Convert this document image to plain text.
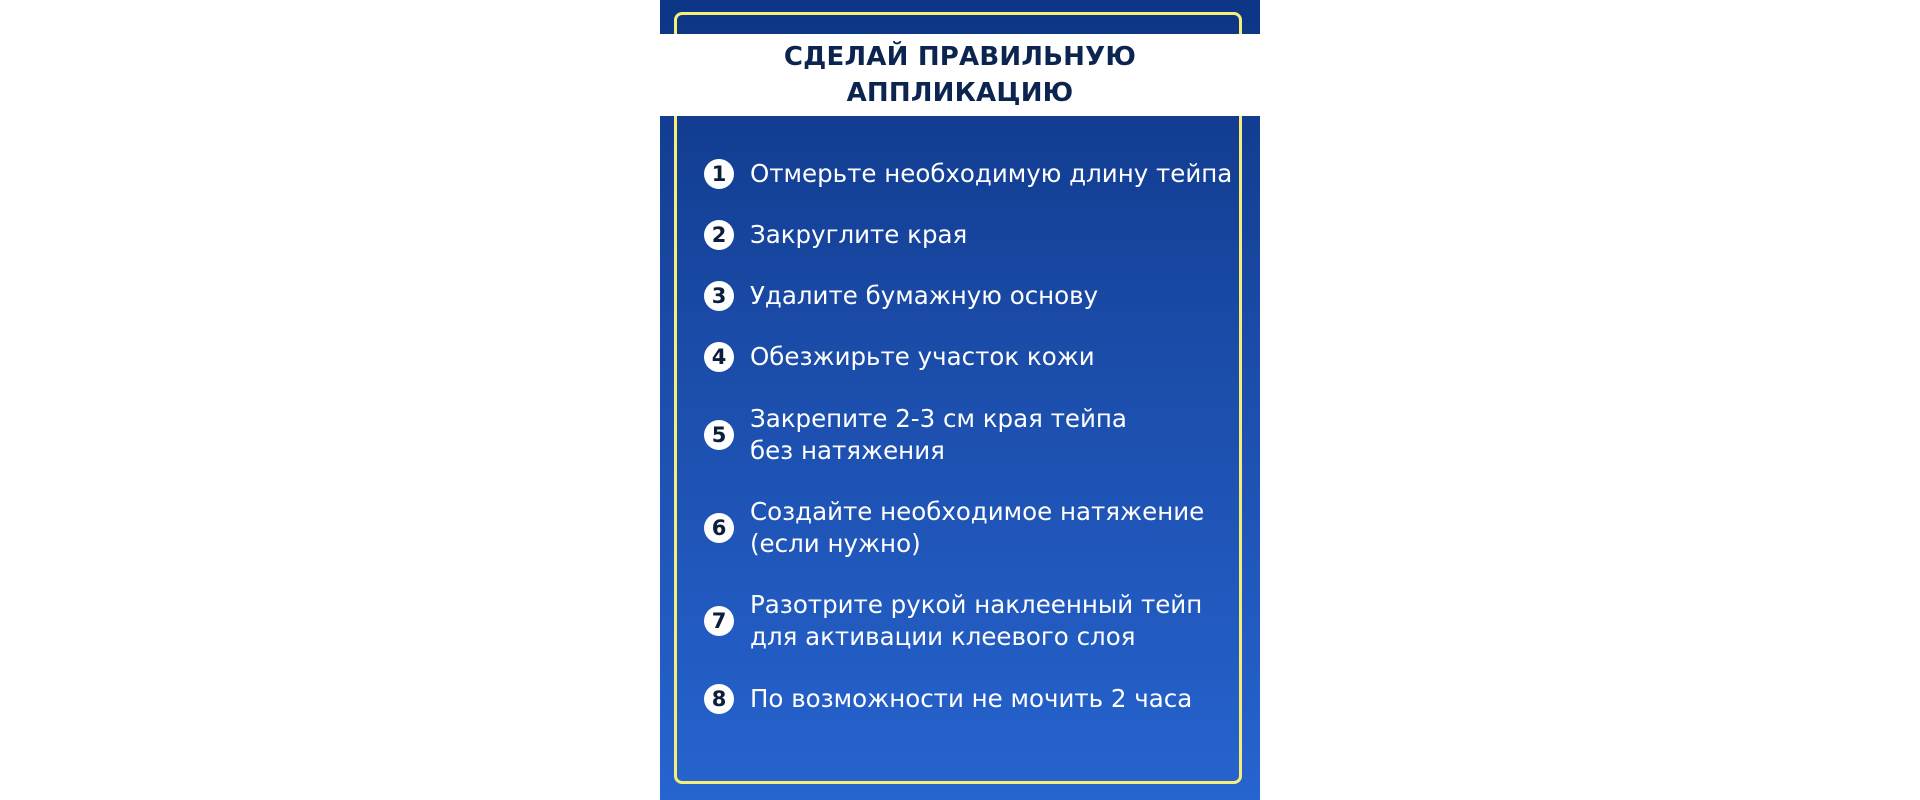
СДЕЛАЙ ПРАВИЛЬНУЮ
АППЛИКАЦИЮ
1 Отмерьте необходимую длину тейпа
2 Закруглите края
3 Удалите бумажную основу
4 Обезжирьте участок кожи
5
Закрепите 2-3 см края тейпа
без натяжения
6
Создайте необходимое натяжение
(если нужно)
7
Разотрите рукой наклеенный тейп
для активации клеевого слоя
8 По возможности не мочить 2 часа
